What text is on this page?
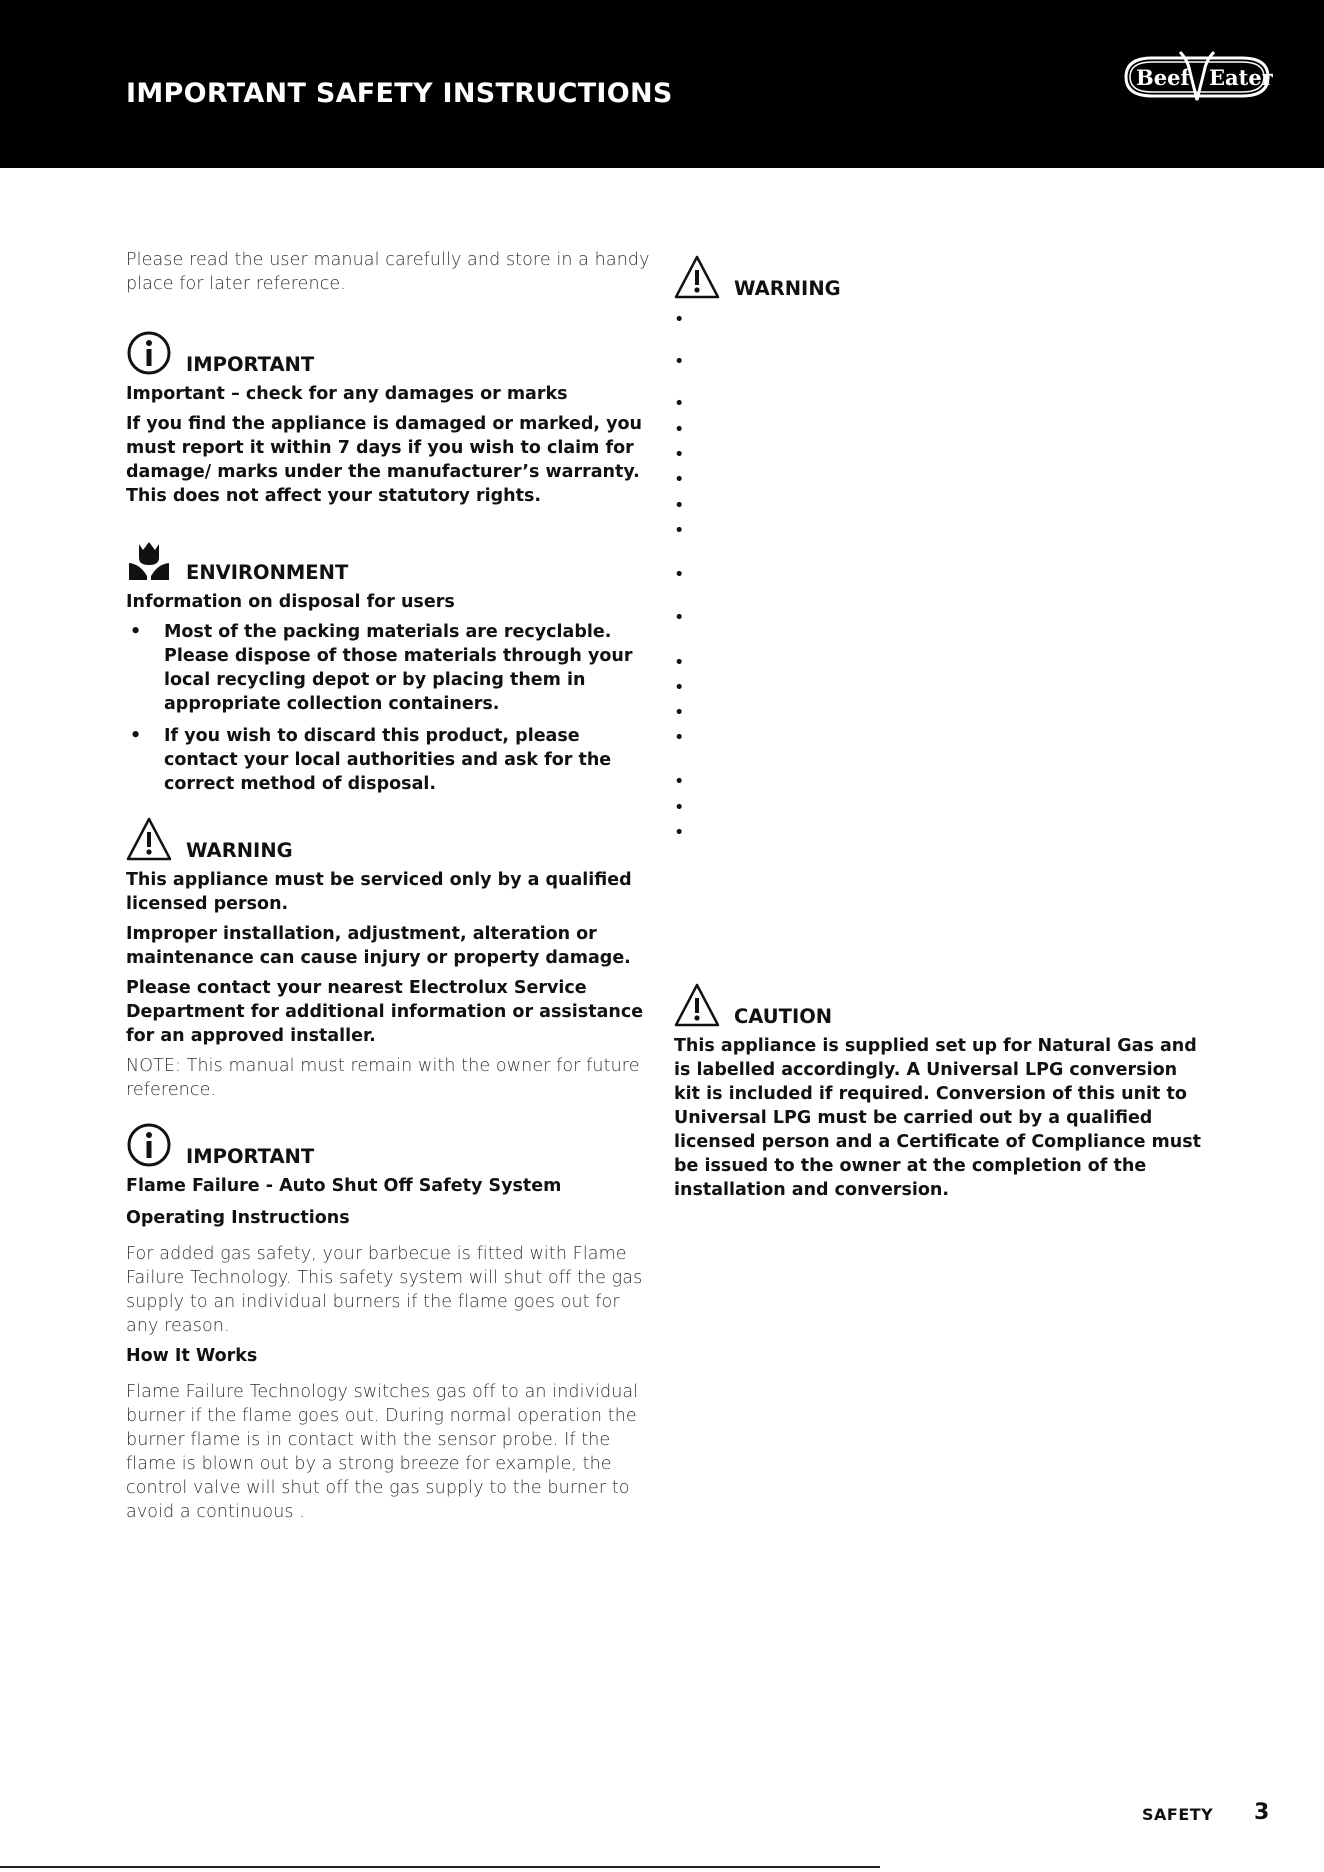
IMPORTANT SAFETY INSTRUCTIONS
Beef Eater

Please read the user manual carefully and store in a handy place for later reference.

IMPORTANT

Important – check for any damages or marks

If you find the appliance is damaged or marked, you must report it within 7 days if you wish to claim for damage/ marks under the manufacturer’s warranty. This does not affect your statutory rights.

ENVIRONMENT

Information on disposal for users

• Most of the packing materials are recyclable. Please dispose of those materials through your local recycling depot or by placing them in appropriate collection containers.
• If you wish to discard this product, please contact your local authorities and ask for the correct method of disposal.
WARNING

This appliance must be serviced only by a qualified licensed person.

Improper installation, adjustment, alteration or maintenance can cause injury or property damage.

Please contact your nearest Electrolux Service Department for additional information or assistance for an approved installer.

NOTE: This manual must remain with the owner for future reference.

IMPORTANT

Flame Failure - Auto Shut Off Safety System

Operating Instructions

For added gas safety, your barbecue is fitted with Flame Failure Technology. This safety system will shut off the gas supply to an individual burners if the flame goes out for any reason.

How It Works

Flame Failure Technology switches gas off to an individual burner if the flame goes out. During normal operation the burner flame is in contact with the sensor probe. If the flame is blown out by a strong breeze for example, the control valve will shut off the gas supply to the burner to avoid a continuous .

WARNING
•
•
•
•
•
•
•
•
•
•
•
•
•
•
•
•
•
CAUTION

This appliance is supplied set up for Natural Gas and is labelled accordingly. A Universal LPG conversion kit is included if required. Conversion of this unit to Universal LPG must be carried out by a qualified licensed person and a Certificate of Compliance must be issued to the owner at the completion of the installation and conversion.

SAFETY 3
